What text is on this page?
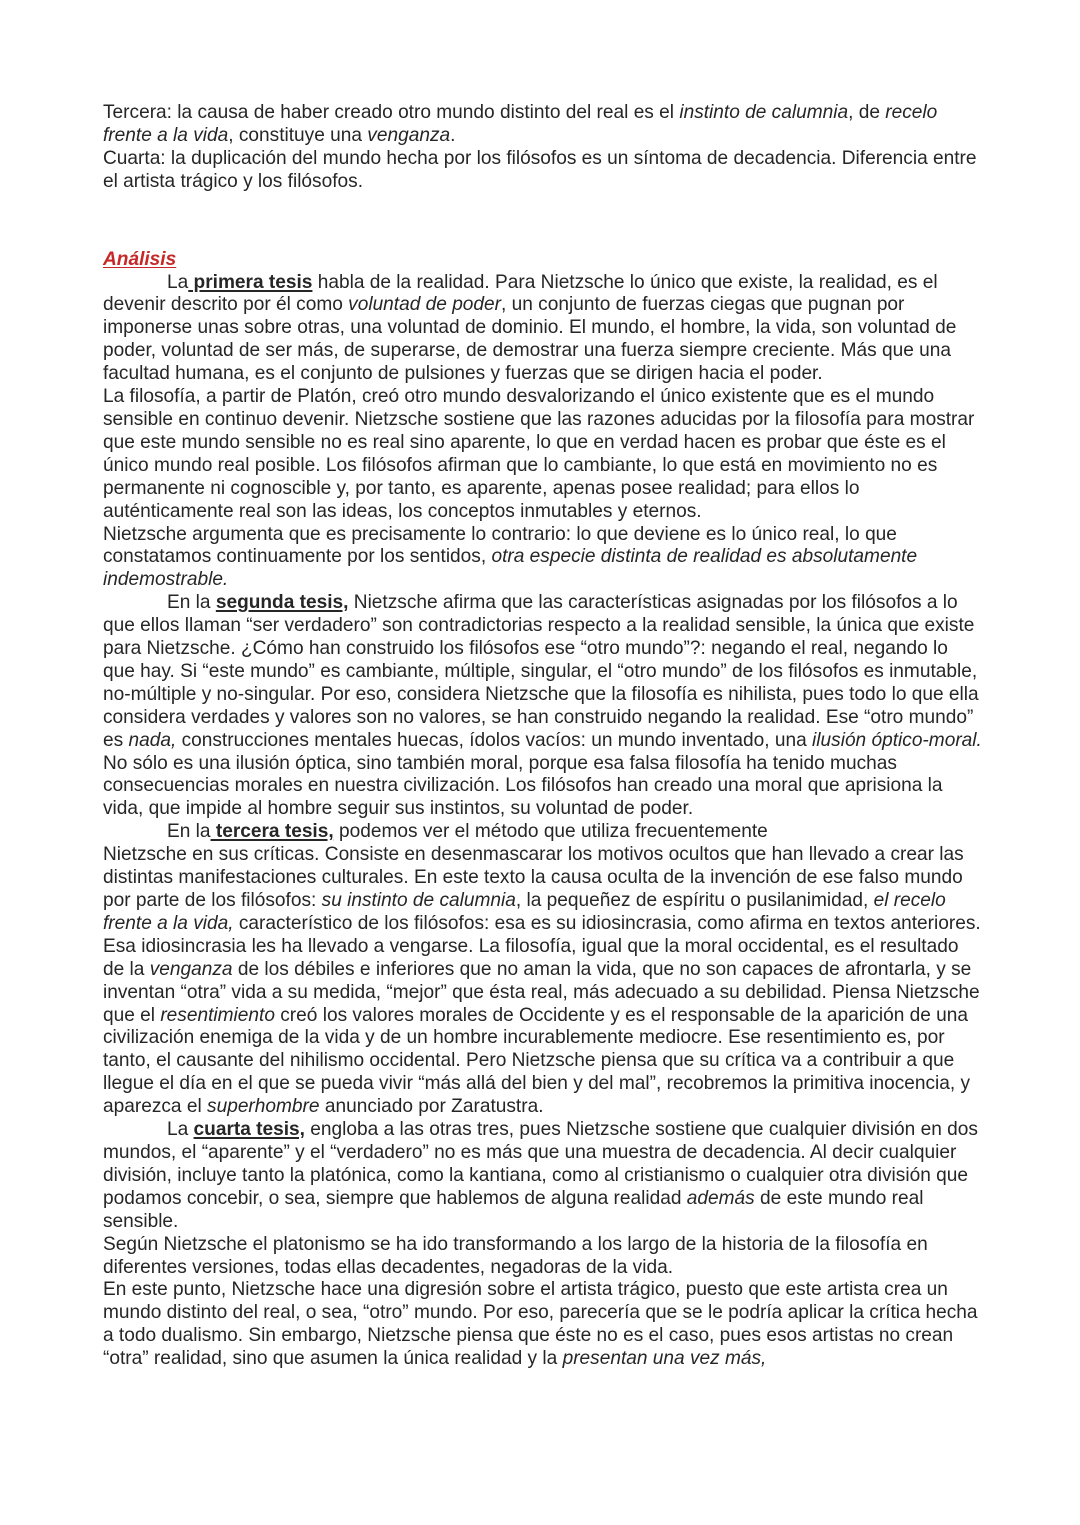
Tercera: la causa de haber creado otro mundo distinto del real es el instinto de calumnia, de recelo frente a la vida, constituye una venganza.

Cuarta: la duplicación del mundo hecha por los filósofos es un síntoma de decadencia. Diferencia entre el artista trágico y los filósofos.

Análisis

La primera tesis habla de la realidad. Para Nietzsche lo único que existe, la realidad, es el devenir descrito por él como voluntad de poder, un conjunto de fuerzas ciegas que pugnan por imponerse unas sobre otras, una voluntad de dominio. El mundo, el hombre, la vida, son voluntad de poder, voluntad de ser más, de superarse, de demostrar una fuerza siempre creciente. Más que una facultad humana, es el conjunto de pulsiones y fuerzas que se dirigen hacia el poder.

La filosofía, a partir de Platón, creó otro mundo desvalorizando el único existente que es el mundo sensible en continuo devenir. Nietzsche sostiene que las razones aducidas por la filosofía para mostrar que este mundo sensible no es real sino aparente, lo que en verdad hacen es probar que éste es el único mundo real posible. Los filósofos afirman que lo cambiante, lo que está en movimiento no es permanente ni cognoscible y, por tanto, es aparente, apenas posee realidad; para ellos lo auténticamente real son las ideas, los conceptos inmutables y eternos.

Nietzsche argumenta que es precisamente lo contrario: lo que deviene es lo único real, lo que constatamos continuamente por los sentidos, otra especie distinta de realidad es absolutamente indemostrable.

En la segunda tesis, Nietzsche afirma que las características asignadas por los filósofos a lo que ellos llaman “ser verdadero” son contradictorias respecto a la realidad sensible, la única que existe para Nietzsche. ¿Cómo han construido los filósofos ese “otro mundo”?: negando el real, negando lo que hay. Si “este mundo” es cambiante, múltiple, singular, el “otro mundo” de los filósofos es inmutable, no-múltiple y no-singular. Por eso, considera Nietzsche que la filosofía es nihilista, pues todo lo que ella considera verdades y valores son no valores, se han construido negando la realidad. Ese “otro mundo” es nada, construcciones mentales huecas, ídolos vacíos: un mundo inventado, una ilusión óptico-moral.

No sólo es una ilusión óptica, sino también moral, porque esa falsa filosofía ha tenido muchas consecuencias morales en nuestra civilización. Los filósofos han creado una moral que aprisiona la vida, que impide al hombre seguir sus instintos, su voluntad de poder.

En la tercera tesis, podemos ver el método que utiliza frecuentemente

Nietzsche en sus críticas. Consiste en desenmascarar los motivos ocultos que han llevado a crear las distintas manifestaciones culturales. En este texto la causa oculta de la invención de ese falso mundo por parte de los filósofos: su instinto de calumnia, la pequeñez de espíritu o pusilanimidad, el recelo frente a la vida, característico de los filósofos: esa es su idiosincrasia, como afirma en textos anteriores. Esa idiosincrasia les ha llevado a vengarse. La filosofía, igual que la moral occidental, es el resultado de la venganza de los débiles e inferiores que no aman la vida, que no son capaces de afrontarla, y se inventan “otra” vida a su medida, “mejor” que ésta real, más adecuado a su debilidad. Piensa Nietzsche que el resentimiento creó los valores morales de Occidente y es el responsable de la aparición de una civilización enemiga de la vida y de un hombre incurablemente mediocre. Ese resentimiento es, por tanto, el causante del nihilismo occidental. Pero Nietzsche piensa que su crítica va a contribuir a que llegue el día en el que se pueda vivir “más allá del bien y del mal”, recobremos la primitiva inocencia, y aparezca el superhombre anunciado por Zaratustra.

La cuarta tesis, engloba a las otras tres, pues Nietzsche sostiene que cualquier división en dos mundos, el “aparente” y el “verdadero” no es más que una muestra de decadencia. Al decir cualquier división, incluye tanto la platónica, como la kantiana, como al cristianismo o cualquier otra división que podamos concebir, o sea, siempre que hablemos de alguna realidad además de este mundo real sensible.

Según Nietzsche el platonismo se ha ido transformando a los largo de la historia de la filosofía en diferentes versiones, todas ellas decadentes, negadoras de la vida.

En este punto, Nietzsche hace una digresión sobre el artista trágico, puesto que este artista crea un mundo distinto del real, o sea, “otro” mundo. Por eso, parecería que se le podría aplicar la crítica hecha a todo dualismo. Sin embargo, Nietzsche piensa que éste no es el caso, pues esos artistas no crean “otra” realidad, sino que asumen la única realidad y la presentan una vez más,
